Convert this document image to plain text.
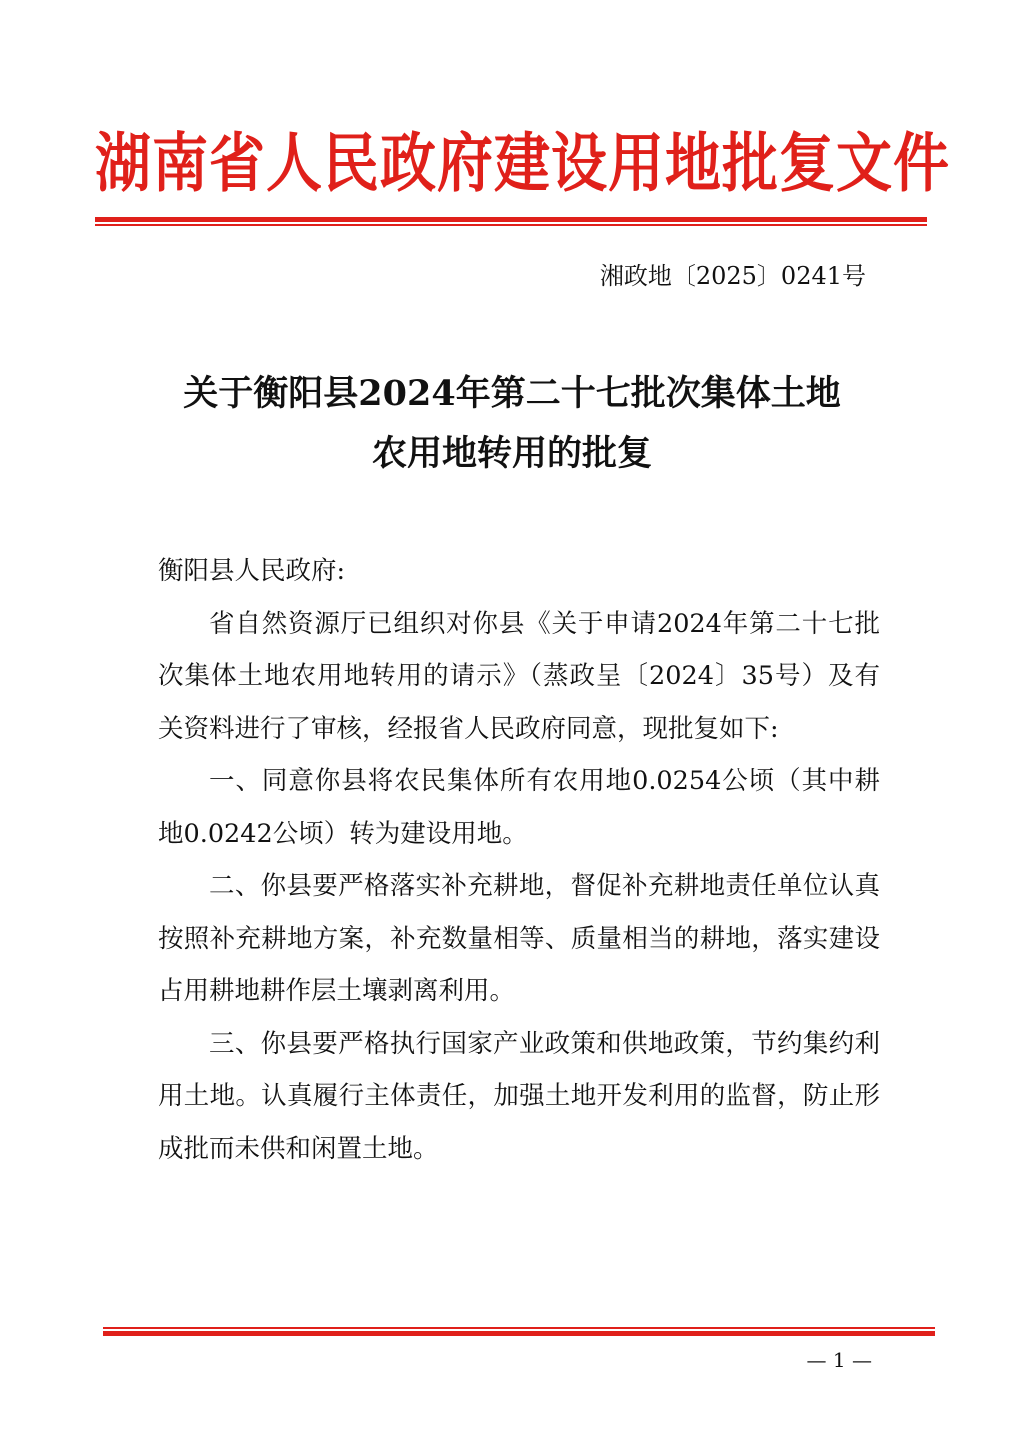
湖南省人民政府建设用地批复文件
湘政地〔2025〕0241号
关于衡阳县2024年第二十七批次集体土地
农用地转用的批复

衡阳县人民政府:

省自然资源厅已组织对你县《关于申请2024年第二十七批次集体土地农用地转用的请示》（蒸政呈〔2024〕35号）及有关资料进行了审核，经报省人民政府同意，现批复如下:

一、同意你县将农民集体所有农用地0.0254公顷（其中耕地0.0242公顷）转为建设用地。

二、你县要严格落实补充耕地，督促补充耕地责任单位认真按照补充耕地方案，补充数量相等、质量相当的耕地，落实建设占用耕地耕作层土壤剥离利用。

三、你县要严格执行国家产业政策和供地政策，节约集约利用土地。认真履行主体责任，加强土地开发利用的监督，防止形成批而未供和闲置土地。

— 1 —
